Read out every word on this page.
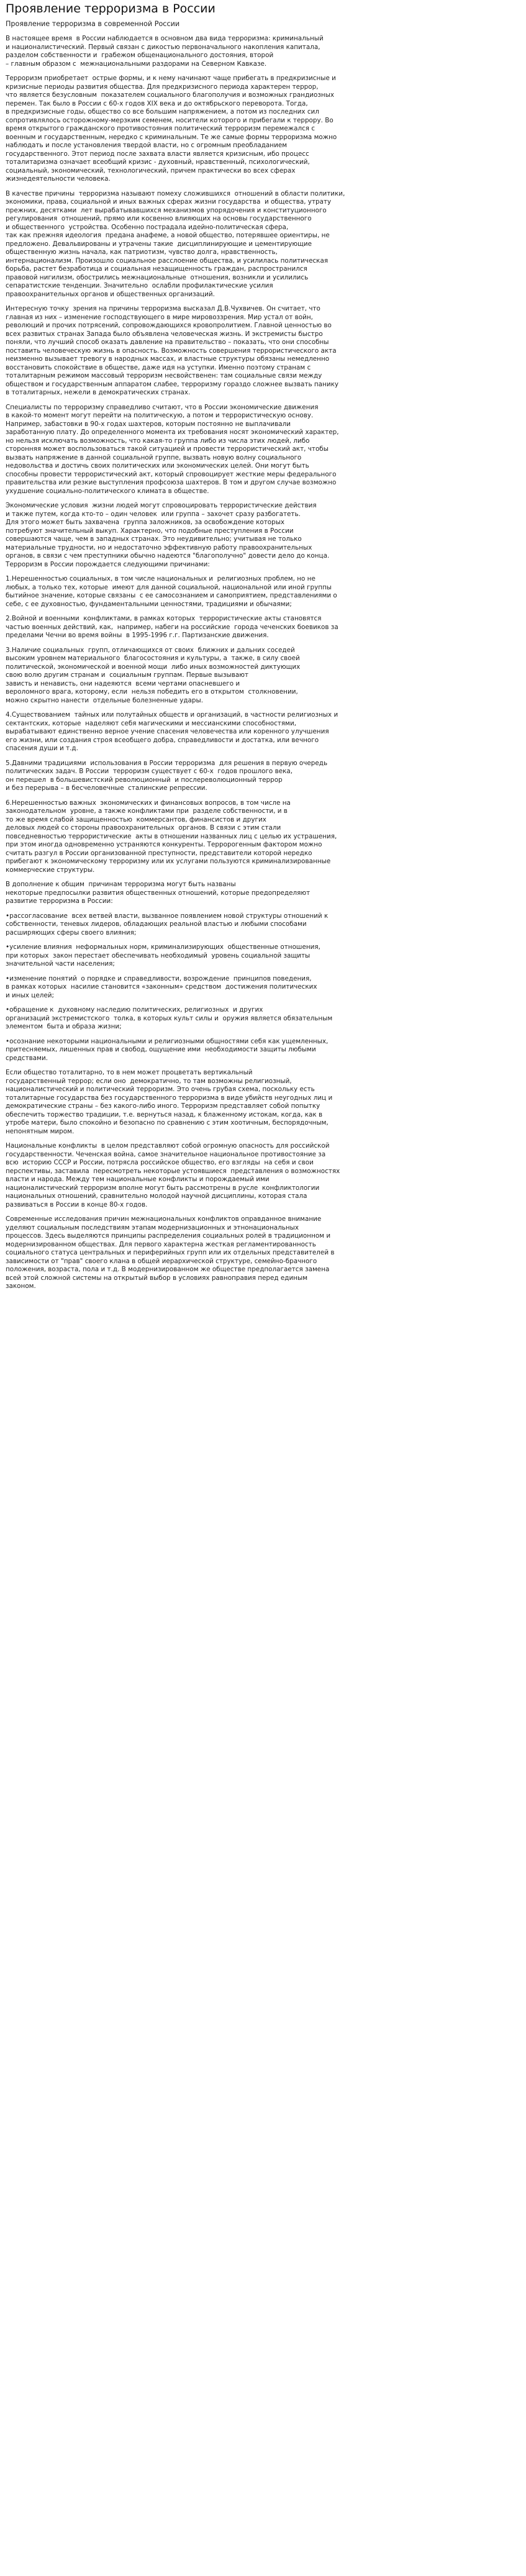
Проявление терроризма в России
Проявление терроризма в современной России
В настоящее время  в России наблюдается в основном два вида терроризма: криминальный
и националистический. Первый связан с дикостью первоначального накопления капитала,
разделом собственности и  грабежом общенационального достояния, второй
– главным образом с  межнациональными раздорами на Северном Кавказе.
Терроризм приобретает  острые формы, и к нему начинают чаще прибегать в предкризисные и
кризисные периоды развития общества. Для предкризисного периода характерен террор,
что является безусловным  показателем социального благополучия и возможных грандиозных
перемен. Так было в России с 60-х годов XIX века и до октябрьского переворота. Тогда,
в предкризисные годы, общество со все большим напряжением, а потом из последних сил
сопротивлялось осторожному-мерзким семенем, носители которого и прибегали к террору. Во
время открытого гражданского противостояния политический терроризм перемежался с
военным и государственным, нередко с криминальным. Те же самые формы терроризма можно
наблюдать и после установления твердой власти, но с огромным преобладанием
государственного. Этот период после захвата власти является кризисным, ибо процесс
тоталитаризма означает всеобщий кризис - духовный, нравственный, психологический,
социальный, экономический, технологический, причем практически во всех сферах
жизнедеятельности человека.
В качестве причины  терроризма называют помеху сложившихся  отношений в области политики,
экономики, права, социальной и иных важных сферах жизни государства  и общества, утрату
прежних, десятками  лет вырабатывавшихся механизмов упорядочения и конституционного
регулирования  отношений, прямо или косвенно влияющих на основы государственного
и общественного  устройства. Особенно пострадала идейно-политическая сфера,
так как прежняя идеология  предана анафеме, а новой общество, потерявшее ориентиры, не
предложено. Девальвированы и утрачены такие  дисциплинирующие и цементирующие
общественную жизнь начала, как патриотизм, чувство долга, нравственность,
интернационализм. Произошло социальное расслоение общества, и усилилась политическая
борьба, растет безработица и социальная незащищенность граждан, распространился
правовой нигилизм, обострились межнациональные  отношения, возникли и усилились
сепаратистские тенденции. Значительно  ослабли профилактические усилия
правоохранительных органов и общественных организаций.
Интересную точку  зрения на причины терроризма высказал Д.В.Чухвичев. Он считает, что
главная из них – изменение господствующего в мире мировоззрения. Мир устал от войн,
революций и прочих потрясений, сопровождающихся кровопролитием. Главной ценностью во
всех развитых странах Запада было объявлена человеческая жизнь. И экстремисты быстро
поняли, что лучший способ оказать давление на правительство – показать, что они способны
поставить человеческую жизнь в опасность. Возможность совершения террористического акта
неизменно вызывает тревогу в народных массах, и властные структуры обязаны немедленно
восстановить спокойствие в обществе, даже идя на уступки. Именно поэтому странам с
тоталитарным режимом массовый терроризм несвойственен: там социальные связи между
обществом и государственным аппаратом слабее, терроризму гораздо сложнее вызвать панику
в тоталитарных, нежели в демократических странах.
Специалисты по терроризму справедливо считают, что в России экономические движения
в какой-то момент могут перейти на политическую, а потом и террористическую основу.
Например, забастовки в 90-х годах шахтеров, которым постоянно не выплачивали
заработанную плату. До определенного момента их требования носят экономический характер,
но нельзя исключать возможность, что какая-то группа либо из числа этих людей, либо
сторонняя может воспользоваться такой ситуацией и провести террористический акт, чтобы
вызвать напряжение в данной социальной группе, вызвать новую волну социального
недовольства и достичь своих политических или экономических целей. Они могут быть
способны провести террористический акт, который спровоцирует жесткие меры федерального
правительства или резкие выступления профсоюза шахтеров. В том и другом случае возможно
ухудшение социально-политического климата в обществе.
Экономические условия  жизни людей могут спровоцировать террористические действия
и также путем, когда кто-то – один человек  или группа – захочет сразу разбогатеть.
Для этого может быть захвачена  группа заложников, за освобождение которых
потребуют значительный выкуп. Характерно, что подобные преступления в России
совершаются чаще, чем в западных странах. Это неудивительно; учитывая не только
материальные трудности, но и недостаточно эффективную работу правоохранительных
органов, в связи с чем преступники обычно надеются "благополучно" довести дело до конца.
Терроризм в России порождается следующими причинами:
1.Нерешенностью социальных, в том числе национальных и  религиозных проблем, но не
любых, а только тех, которые  имеют для данной социальной, национальной или иной группы
бытийное значение, которые связаны  с ее самосознанием и самоприятием, представлениями о
себе, с ее духовностью, фундаментальными ценностями, традициями и обычаями;
2.Войной и военными  конфликтами, в рамках которых  террористические акты становятся
частью военных действий, как,  например, набеги на российские  города чеченских боевиков за
пределами Чечни во время войны  в 1995-1996 г.г. Партизанские движения.
3.Наличие социальных  групп, отличающихся от своих  ближних и дальних соседей
высоким уровнем материального  благосостояния и культуры, а  также, в силу своей
политической, экономической и военной мощи  либо иных возможностей диктующих
свою волю другим странам и  социальным группам. Первые вызывают
зависть и ненависть, они надеяются  всеми чертами опасневшего и
вероломного врага, которому, если  нельзя победить его в открытом  столкновении,
можно скрытно нанести  отдельные болезненные удары.
4.Существованием  тайных или полутайных обществ и организаций, в частности религиозных и
сектантских, которые  наделяют себя магическими и мессианскими способностями,
вырабатывают единственно верное учение спасения человечества или коренного улучшения
его жизни, или создания строя всеобщего добра, справедливости и достатка, или вечного
спасения души и т.д.
5.Давними традициями  использования в России терроризма  для решения в первую очередь
политических задач. В России  терроризм существует с 60-х  годов прошлого века,
он перешел  в большевистский революционный  и послереволюционный террор
и без перерыва – в бесчеловечные  сталинские репрессии.
6.Нерешенностью важных  экономических и финансовых вопросов, в том числе на
законодательном  уровне, а также конфликтами при  разделе собственности, и в
то же время слабой защищенностью  коммерсантов, финансистов и других
деловых людей со стороны правоохранительных  органов. В связи с этим стали
повседневностью террористические  акты в отношении названных лиц с целью их устрашения,
при этом иногда одновременно устраняются конкуренты. Терророгенным фактором можно
считать разгул в России организованной преступности, представители которой нередко
прибегают к экономическому терроризму или их услугами пользуются криминализированные
коммерческие структуры.
В дополнение к общим  причинам терроризма могут быть названы
некоторые предпосылки развития общественных отношений, которые предопределяют
развитие терроризма в России:
•рассогласование  всех ветвей власти, вызванное появлением новой структуры отношений к
собственности, теневых лидеров, обладающих реальной властью и любыми способами
расширяющих сферы своего влияния;
•усиление влияния  неформальных норм, криминализирующих  общественные отношения,
при которых  закон перестает обеспечивать необходимый  уровень социальной защиты
значительной части населения;
•изменение понятий  о порядке и справедливости, возрождение  принципов поведения,
в рамках которых  насилие становится «законным» средством  достижения политических
и иных целей;
•обращение к  духовному наследию политических, религиозных  и других
организаций экстремистского  толка, в которых культ силы и  оружия является обязательным
элементом  быта и образа жизни;
•осознание некоторыми национальными и религиозными общностями себя как ущемленных,
притесняемых, лишенных прав и свобод, ощущение ими  необходимости защиты любыми
средствами.
Если общество тоталитарно, то в нем может процветать вертикальный
государственный террор; если оно  демократично, то там возможны религиозный,
националистический и политический терроризм. Это очень грубая схема, поскольку есть
тоталитарные государства без государственного терроризма в виде убийств неугодных лиц и
демократические страны – без какого-либо иного. Терроризм представляет собой попытку
обеспечить торжество традиции, т.е. вернуться назад, к блаженному истокам, когда, как в
утробе матери, было спокойно и безопасно по сравнению с этим хоотичным, беспорядочным,
непонятным миром.
Национальные конфликты  в целом представляют собой огромную опасность для российской
государственности. Чеченская война, самое значительное национальное противостояние за
всю  историю СССР и России, потрясла российское общество, его взгляды  на себя и свои
перспективы, заставила  пересмотреть некоторые устоявшиеся  представления о возможностях
власти и народа. Между тем национальные конфликты и порождаемый ими
националистический терроризм вполне могут быть рассмотрены в русле  конфликтологии
национальных отношений, сравнительно молодой научной дисциплины, которая стала
развиваться в России в конце 80-х годов.
Современные исследования причин межнациональных конфликтов оправданное внимание
уделяют социальным последствиям этапам модернизационных и этнонациональных
процессов. Здесь выделяются принципы распределения социальных ролей в традиционном и
модернизированном обществах. Для первого характерна жесткая регламентированность
социального статуса центральных и периферийных групп или их отдельных представителей в
зависимости от "прав" своего клана в общей иерархической структуре, семейно-брачного
положения, возраста, пола и т.д. В модернизированном же обществе предполагается замена
всей этой сложной системы на открытый выбор в условиях равноправия перед единым
законом.
